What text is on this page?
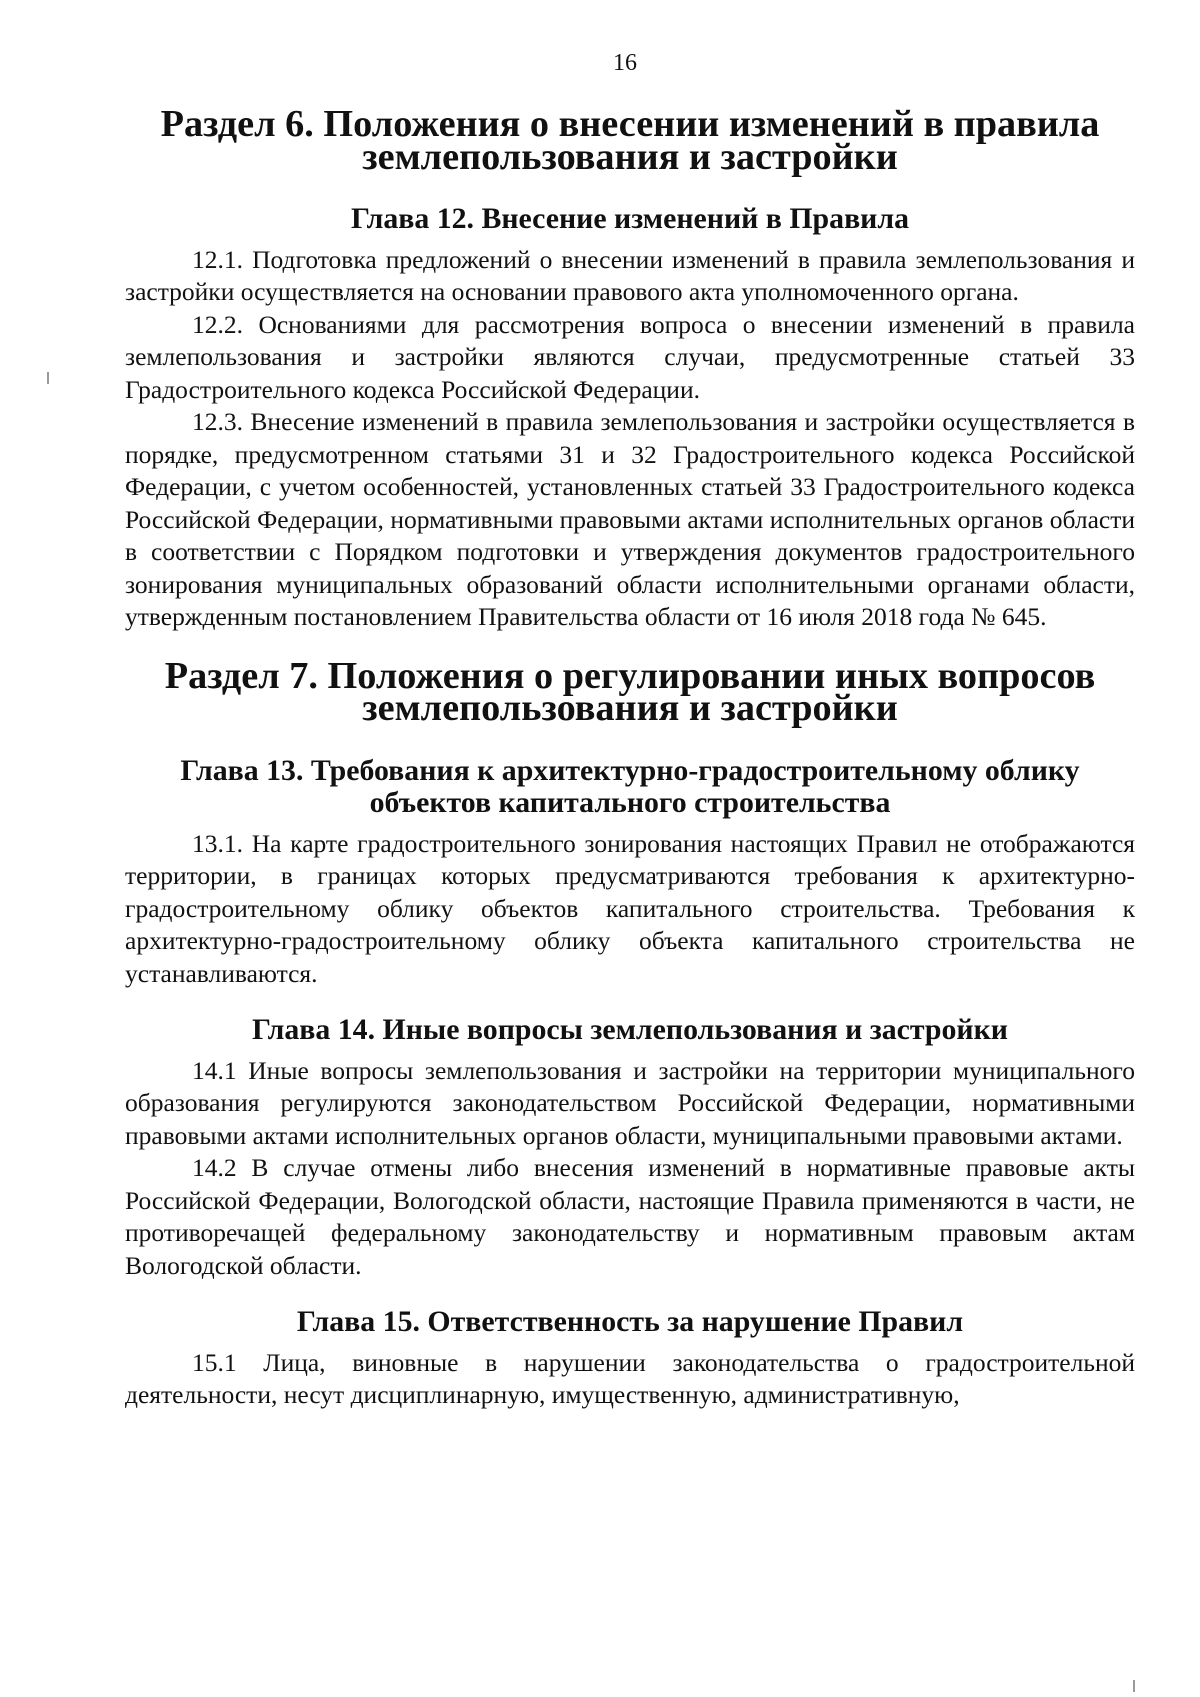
16
Раздел 6. Положения о внесении изменений в правила
землепользования и застройки
Глава 12. Внесение изменений в Правила

12.1. Подготовка предложений о внесении изменений в правила землепользования и застройки осуществляется на основании правового акта уполномоченного органа.

12.2. Основаниями для рассмотрения вопроса о внесении изменений в правила землепользования и застройки являются случаи, предусмотренные статьей 33 Градостроительного кодекса Российской Федерации.

12.3. Внесение изменений в правила землепользования и застройки осуществляется в порядке, предусмотренном статьями 31 и 32 Градостроительного кодекса Российской Федерации, с учетом особенностей, установленных статьей 33 Градостроительного кодекса Российской Федерации, нормативными правовыми актами исполнительных органов области в соответствии с Порядком подготовки и утверждения документов градостроительного зонирования муниципальных образований области исполнительными органами области, утвержденным постановлением Правительства области от 16 июля 2018 года № 645.

Раздел 7. Положения о регулировании иных вопросов
землепользования и застройки
Глава 13. Требования к архитектурно-градостроительному облику
объектов капитального строительства

13.1. На карте градостроительного зонирования настоящих Правил не отображаются территории, в границах которых предусматриваются требования к архитектурно-градостроительному облику объектов капитального строительства. Требования к архитектурно-градостроительному облику объекта капитального строительства не устанавливаются.

Глава 14. Иные вопросы землепользования и застройки

14.1 Иные вопросы землепользования и застройки на территории муниципального образования регулируются законодательством Российской Федерации, нормативными правовыми актами исполнительных органов области, муниципальными правовыми актами.

14.2 В случае отмены либо внесения изменений в нормативные правовые акты Российской Федерации, Вологодской области, настоящие Правила применяются в части, не противоречащей федеральному законодательству и нормативным правовым актам Вологодской области.

Глава 15. Ответственность за нарушение Правил

15.1 Лица, виновные в нарушении законодательства о градостроительной деятельности, несут дисциплинарную, имущественную, административную,
